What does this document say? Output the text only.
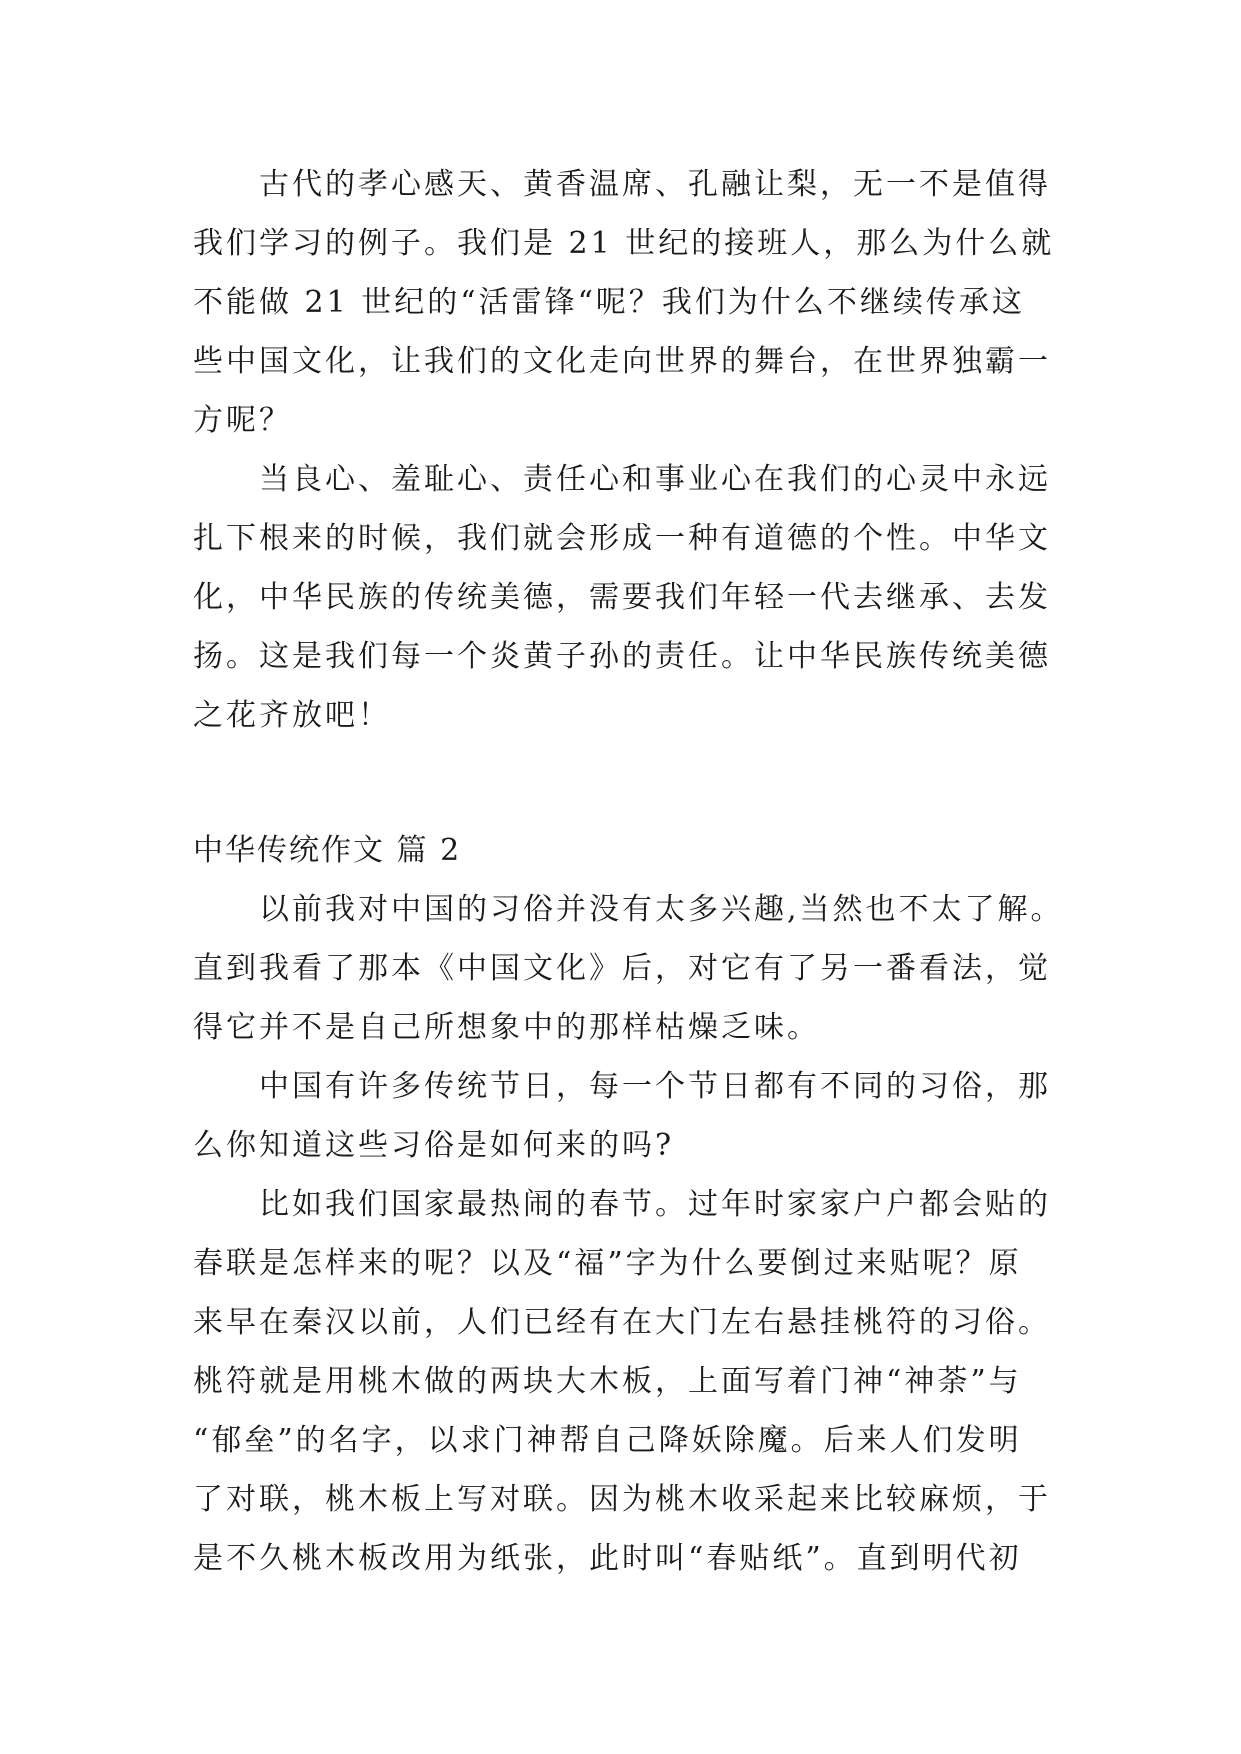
古代的孝心感天、黄香温席、孔融让梨，无一不是值得
我们学习的例子。我们是 21 世纪的接班人，那么为什么就
不能做 21 世纪的“活雷锋“呢？我们为什么不继续传承这
些中国文化，让我们的文化走向世界的舞台，在世界独霸一
方呢？
当良心、羞耻心、责任心和事业心在我们的心灵中永远
扎下根来的时候，我们就会形成一种有道德的个性。中华文
化，中华民族的传统美德，需要我们年轻一代去继承、去发
扬。这是我们每一个炎黄子孙的责任。让中华民族传统美德
之花齐放吧！
中华传统作文 篇 2
以前我对中国的习俗并没有太多兴趣,当然也不太了解。
直到我看了那本《中国文化》后，对它有了另一番看法，觉
得它并不是自己所想象中的那样枯燥乏味。
中国有许多传统节日，每一个节日都有不同的习俗，那
么你知道这些习俗是如何来的吗?
比如我们国家最热闹的春节。过年时家家户户都会贴的
春联是怎样来的呢？以及“福”字为什么要倒过来贴呢？原
来早在秦汉以前，人们已经有在大门左右悬挂桃符的习俗。
桃符就是用桃木做的两块大木板，上面写着门神“神荼”与
“郁垒”的名字，以求门神帮自己降妖除魔。后来人们发明
了对联，桃木板上写对联。因为桃木收采起来比较麻烦，于
是不久桃木板改用为纸张，此时叫“春贴纸”。直到明代初
